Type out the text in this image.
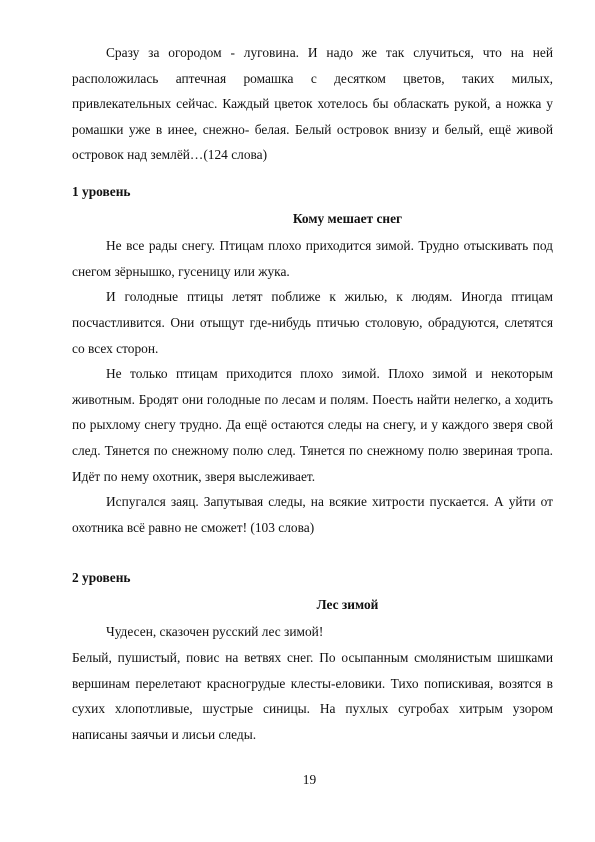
Сразу за огородом - луговина. И надо же так случиться, что на ней расположилась аптечная ромашка с десятком цветов, таких милых, привлекательных сейчас. Каждый цветок хотелось бы обласкать рукой, а ножка у ромашки уже в инее, снежно- белая. Белый островок внизу и белый, ещё живой островок над землёй…(124 слова)

1 уровень

Кому мешает снег

Не все рады снегу. Птицам плохо приходится зимой. Трудно отыскивать под снегом зёрнышко, гусеницу или жука.

И голодные птицы летят поближе к жилью, к людям. Иногда птицам посчастливится. Они отыщут где-нибудь птичью столовую, обрадуются, слетятся со всех сторон.

Не только птицам приходится плохо зимой. Плохо зимой и некоторым животным. Бродят они голодные по лесам и полям. Поесть найти нелегко, а ходить по рыхлому снегу трудно. Да ещё остаются следы на снегу, и у каждого зверя свой след. Тянется по снежному полю след. Тянется по снежному полю звериная тропа. Идёт по нему охотник, зверя выслеживает.

Испугался заяц. Запутывая следы, на всякие хитрости пускается. А уйти от охотника всё равно не сможет! (103 слова)

2 уровень

Лес зимой

Чудесен, сказочен русский лес зимой!

Белый, пушистый, повис на ветвях снег. По осыпанным смолянистым шишками вершинам перелетают красногрудые клесты-еловики. Тихо попискивая, возятся в сухих хлопотливые, шустрые синицы. На пухлых сугробах хитрым узором написаны заячьи и лисьи следы.

19
